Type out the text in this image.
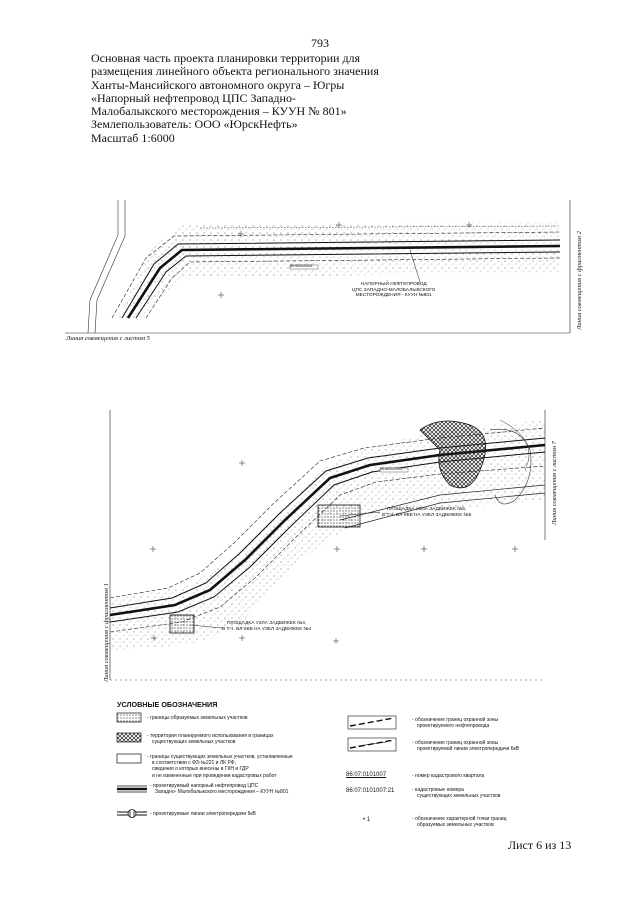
793
Основная часть проекта планировки территории для
размещения линейного объекта регионального значения
Ханты-Мансийского автономного округа – Югры
«Напорный нефтепровод ЦПС Западно-
Малобалыкского месторождения – КУУН № 801»
Землепользователь: ООО «ЮрскНефть»
Масштаб 1:6000
НАПОРНЫЙ НЕФТЕПРОВОД
ЦПС ЗАПАДНО-МАЛОБАЛЫКСКОГО
МЕСТОРОЖДЕНИЯ - КУУН №801
86:08:0020001
Линия совмещения с листом 5
Линия совмещения с фрагментом 2
ПЛОЩАДКА УЗЛА ЗАДВИЖЕК №5,
В Т.Ч. ВЛ-6КВ НА УЗЕЛ ЗАДВИЖЕК №5
ПЛОЩАДКА УЗЛА ЗАДВИЖЕК №4,
В Т.Ч. ВЛ-6КВ НА УЗЕЛ ЗАДВИЖЕК №4
86:08:0020001
Линия совмещения с фрагментом 1
Линия совмещения с листом 7
УСЛОВНЫЕ ОБОЗНАЧЕНИЯ
- границы образуемых земельных участков
- территория планируемого использования в границах
существующих земельных участков
- границы существующих земельных участков, установленные
в соответствии с ФЗ-№221 и ЛК РФ,
сведения о которых внесены в ГКН и ГДР
и не измененные при проведении кадастровых работ
- проектируемый напорный нефтепровод ЦПС
Западно- Малобалыкского месторождения – КУУН №801
- проектируемые линии электропередачи 6кВ
- обозначение границ охранной зоны
проектируемого нефтепровода
- обозначение границ охранной зоны
проектируемой линии электропередачи 6кВ
86:07:0101007	- номер кадастрового квартала
86:07:0101007:21	- кадастровые номера
существующих земельных участков
• 1	- обозначение характерной точки границ
образуемых земельных участков
Лист 6 из 13
